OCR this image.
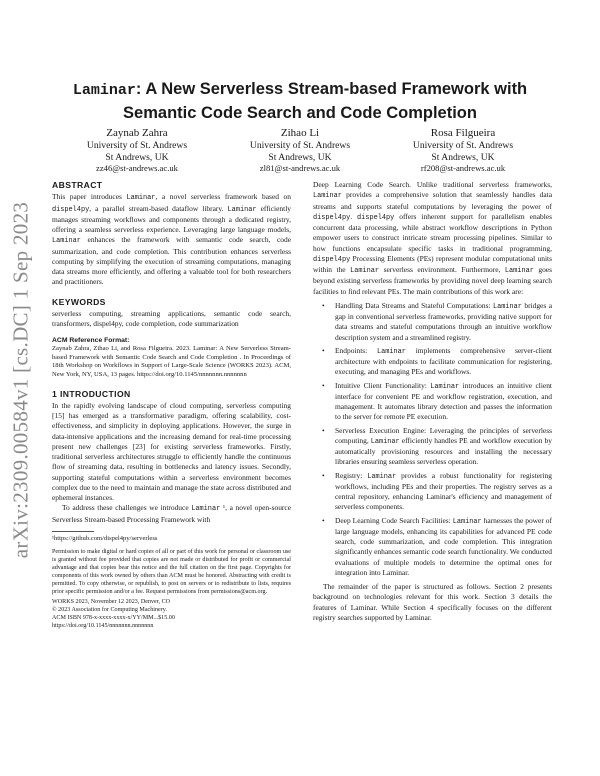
arXiv:2309.00584v1 [cs.DC] 1 Sep 2023
Laminar: A New Serverless Stream-based Framework with Semantic Code Search and Code Completion
Zaynab Zahra
University of St. Andrews
St Andrews, UK
zz46@st-andrews.ac.uk
Zihao Li
University of St. Andrews
St Andrews, UK
zl81@st-andrews.ac.uk
Rosa Filgueira
University of St. Andrews
St Andrews, UK
rf208@st-andrews.ac.uk
ABSTRACT

This paper introduces Laminar, a novel serverless framework based on dispel4py, a parallel stream-based dataflow library. Laminar efficiently manages streaming workflows and components through a dedicated registry, offering a seamless serverless experience. Leveraging large language models, Laminar enhances the framework with semantic code search, code summarization, and code completion. This contribution enhances serverless computing by simplifying the execution of streaming computations, managing data streams more efficiently, and offering a valuable tool for both researchers and practitioners.

KEYWORDS

serverless computing, streaming applications, semantic code search, transformers, dispel4py, code completion, code summarization

ACM Reference Format:

Zaynab Zahra, Zihao Li, and Rosa Filgueira. 2023. Laminar: A New Serverless Stream-based Framework with Semantic Code Search and Code Completion . In Proceedings of 18th Workshop on Workflows in Support of Large-Scale Science (WORKS 2023). ACM, New York, NY, USA, 13 pages. https://doi.org/10.1145/nnnnnnn.nnnnnnn

1 INTRODUCTION

In the rapidly evolving landscape of cloud computing, serverless computing [15] has emerged as a transformative paradigm, offering scalability, cost-effectiveness, and simplicity in deploying applications. However, the surge in data-intensive applications and the increasing demand for real-time processing present new challenges [23] for existing serverless frameworks. Firstly, traditional serverless architectures struggle to efficiently handle the continuous flow of streaming data, resulting in bottlenecks and latency issues. Secondly, supporting stateful computations within a serverless environment becomes complex due to the need to maintain and manage the state across distributed and ephemeral instances.

To address these challenges we introduce Laminar ¹, a novel open-source Serverless Stream-based Processing Framework with

¹https://github.com/dispel4py/serverless

Permission to make digital or hard copies of all or part of this work for personal or classroom use is granted without fee provided that copies are not made or distributed for profit or commercial advantage and that copies bear this notice and the full citation on the first page. Copyrights for components of this work owned by others than ACM must be honored. Abstracting with credit is permitted. To copy otherwise, or republish, to post on servers or to redistribute to lists, requires prior specific permission and/or a fee. Request permissions from permissions@acm.org.

WORKS 2023, November 12 2023, Denver, CO
© 2023 Association for Computing Machinery.
ACM ISBN 978-x-xxxx-xxxx-x/YY/MM...$15.00
https://doi.org/10.1145/nnnnnnn.nnnnnnn

Deep Learning Code Search. Unlike traditional serverless frameworks, Laminar provides a comprehensive solution that seamlessly handles data streams and supports stateful computations by leveraging the power of dispel4py. dispel4py offers inherent support for parallelism enables concurrent data processing, while abstract workflow descriptions in Python empower users to construct intricate stream processing pipelines. Similar to how functions encapsulate specific tasks in traditional programming, dispel4py Processing Elements (PEs) represent modular computational units within the Laminar serverless environment. Furthermore, Laminar goes beyond existing serverless frameworks by providing novel deep learning search facilities to find relevant PEs. The main contributions of this work are:

• Handling Data Streams and Stateful Computations: Laminar bridges a gap in conventional serverless frameworks, providing native support for data streams and stateful computations through an intuitive workflow description system and a streamlined registry.
• Endpoints: Laminar implements comprehensive server-client architecture with endpoints to facilitate communication for registering, executing, and managing PEs and workflows.
• Intuitive Client Functionality: Laminar introduces an intuitive client interface for convenient PE and workflow registration, execution, and management. It automates library detection and passes the information to the server for remote PE execution.
• Serverless Execution Engine: Leveraging the principles of serverless computing, Laminar efficiently handles PE and workflow execution by automatically provisioning resources and installing the necessary libraries ensuring seamless serverless operation.
• Registry: Laminar provides a robust functionality for registering workflows, including PEs and their properties. The registry serves as a central repository, enhancing Laminar's efficiency and management of serverless components.
• Deep Learning Code Search Facilities: Laminar harnesses the power of large language models, enhancing its capabilities for advanced PE code search, code summarization, and code completion. This integration significantly enhances semantic code search functionality. We conducted evaluations of multiple models to determine the optimal ones for integration into Laminar.

The remainder of the paper is structured as follows. Section 2 presents background on technologies relevant for this work. Section 3 details the features of Laminar. While Section 4 specifically focuses on the different registry searches supported by Laminar.
